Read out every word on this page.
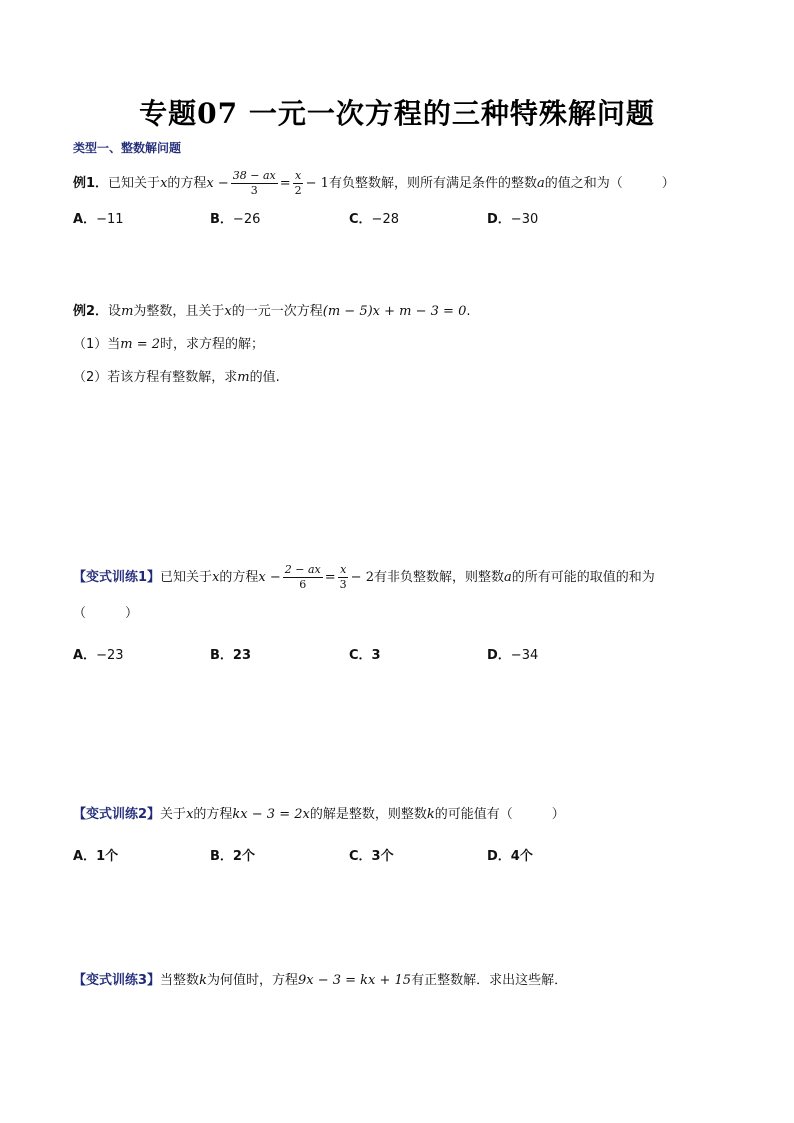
专题07 一元一次方程的三种特殊解问题
类型一、整数解问题
例1． 已知关于 x 的方程 $x - \frac{38 - ax}{3} = \frac{x}{2} - 1$ 有负整数解，则所有满足条件的整数 a 的值之和为（　　　）
A．−11	B．−26	C．−28	D．−30
例2． 设 m 为整数，且关于 x 的一元一次方程 (m − 5)x + m − 3 = 0 .
（1）当 m = 2 时，求方程的解；
（2）若该方程有整数解，求 m 的值.
【变式训练1】 已知关于 x 的方程 $x - \frac{2 - ax}{6} = \frac{x}{3} - 2$ 有非负整数解，则整数 a 的所有可能的取值的和为
（　　　）
A．−23	B．23	C．3	D．−34
【变式训练2】 关于 x 的方程 kx − 3 = 2x 的解是整数，则整数 k 的可能值有（　　　）
A．1个	B．2个	C．3个	D．4个
【变式训练3】 当整数 k 为何值时，方程 9x − 3 = kx + 15 有正整数解．求出这些解．
